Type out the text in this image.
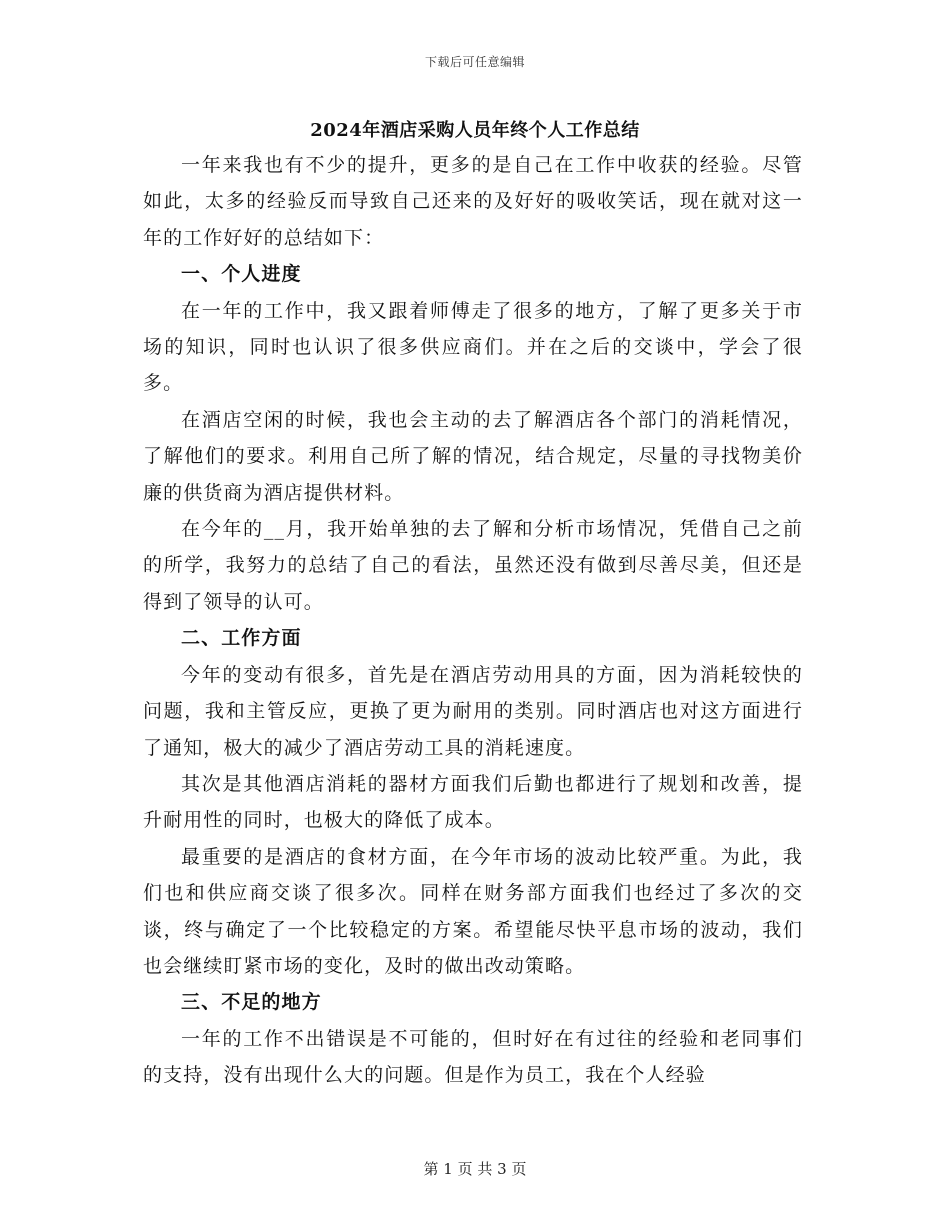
下载后可任意编辑
2024年酒店采购人员年终个人工作总结

一年来我也有不少的提升，更多的是自己在工作中收获的经验。尽管如此，太多的经验反而导致自己还来的及好好的吸收笑话，现在就对这一年的工作好好的总结如下：

一、个人进度

在一年的工作中，我又跟着师傅走了很多的地方，了解了更多关于市场的知识，同时也认识了很多供应商们。并在之后的交谈中，学会了很多。

在酒店空闲的时候，我也会主动的去了解酒店各个部门的消耗情况，了解他们的要求。利用自己所了解的情况，结合规定，尽量的寻找物美价廉的供货商为酒店提供材料。

在今年的__月，我开始单独的去了解和分析市场情况，凭借自己之前的所学，我努力的总结了自己的看法，虽然还没有做到尽善尽美，但还是得到了领导的认可。

二、工作方面

今年的变动有很多，首先是在酒店劳动用具的方面，因为消耗较快的问题，我和主管反应，更换了更为耐用的类别。同时酒店也对这方面进行了通知，极大的减少了酒店劳动工具的消耗速度。

其次是其他酒店消耗的器材方面我们后勤也都进行了规划和改善，提升耐用性的同时，也极大的降低了成本。

最重要的是酒店的食材方面，在今年市场的波动比较严重。为此，我们也和供应商交谈了很多次。同样在财务部方面我们也经过了多次的交谈，终与确定了一个比较稳定的方案。希望能尽快平息市场的波动，我们也会继续盯紧市场的变化，及时的做出改动策略。

三、不足的地方

一年的工作不出错误是不可能的，但时好在有过往的经验和老同事们的支持，没有出现什么大的问题。但是作为员工，我在个人经验

第 1 页 共 3 页
